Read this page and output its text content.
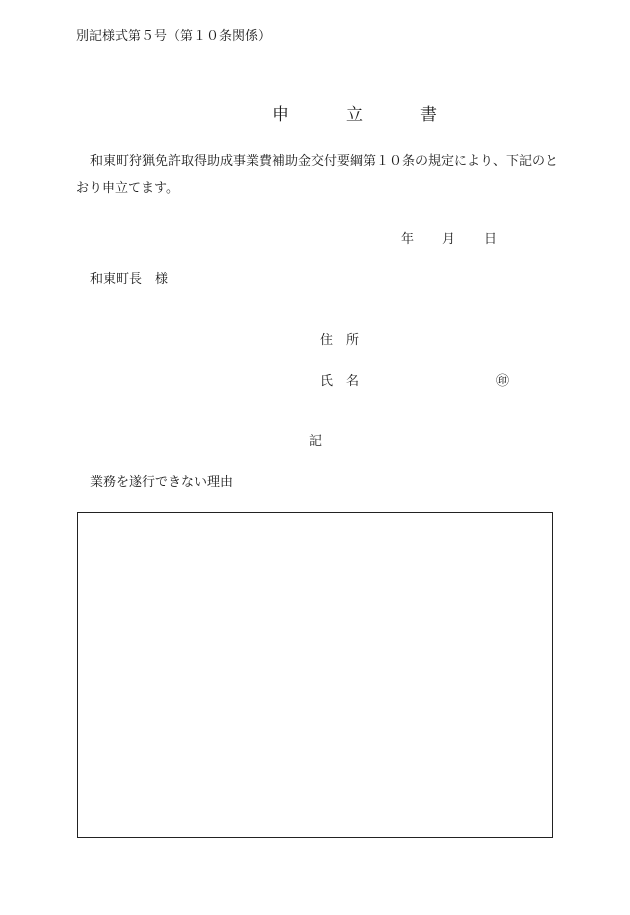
別記様式第５号（第１０条関係）
申　立　書
和東町狩猟免許取得助成事業費補助金交付要綱第１０条の規定により、下記のとおり申立てます。
年 月 日
和東町長　様
住　所
氏　名	㊞
記
業務を遂行できない理由
